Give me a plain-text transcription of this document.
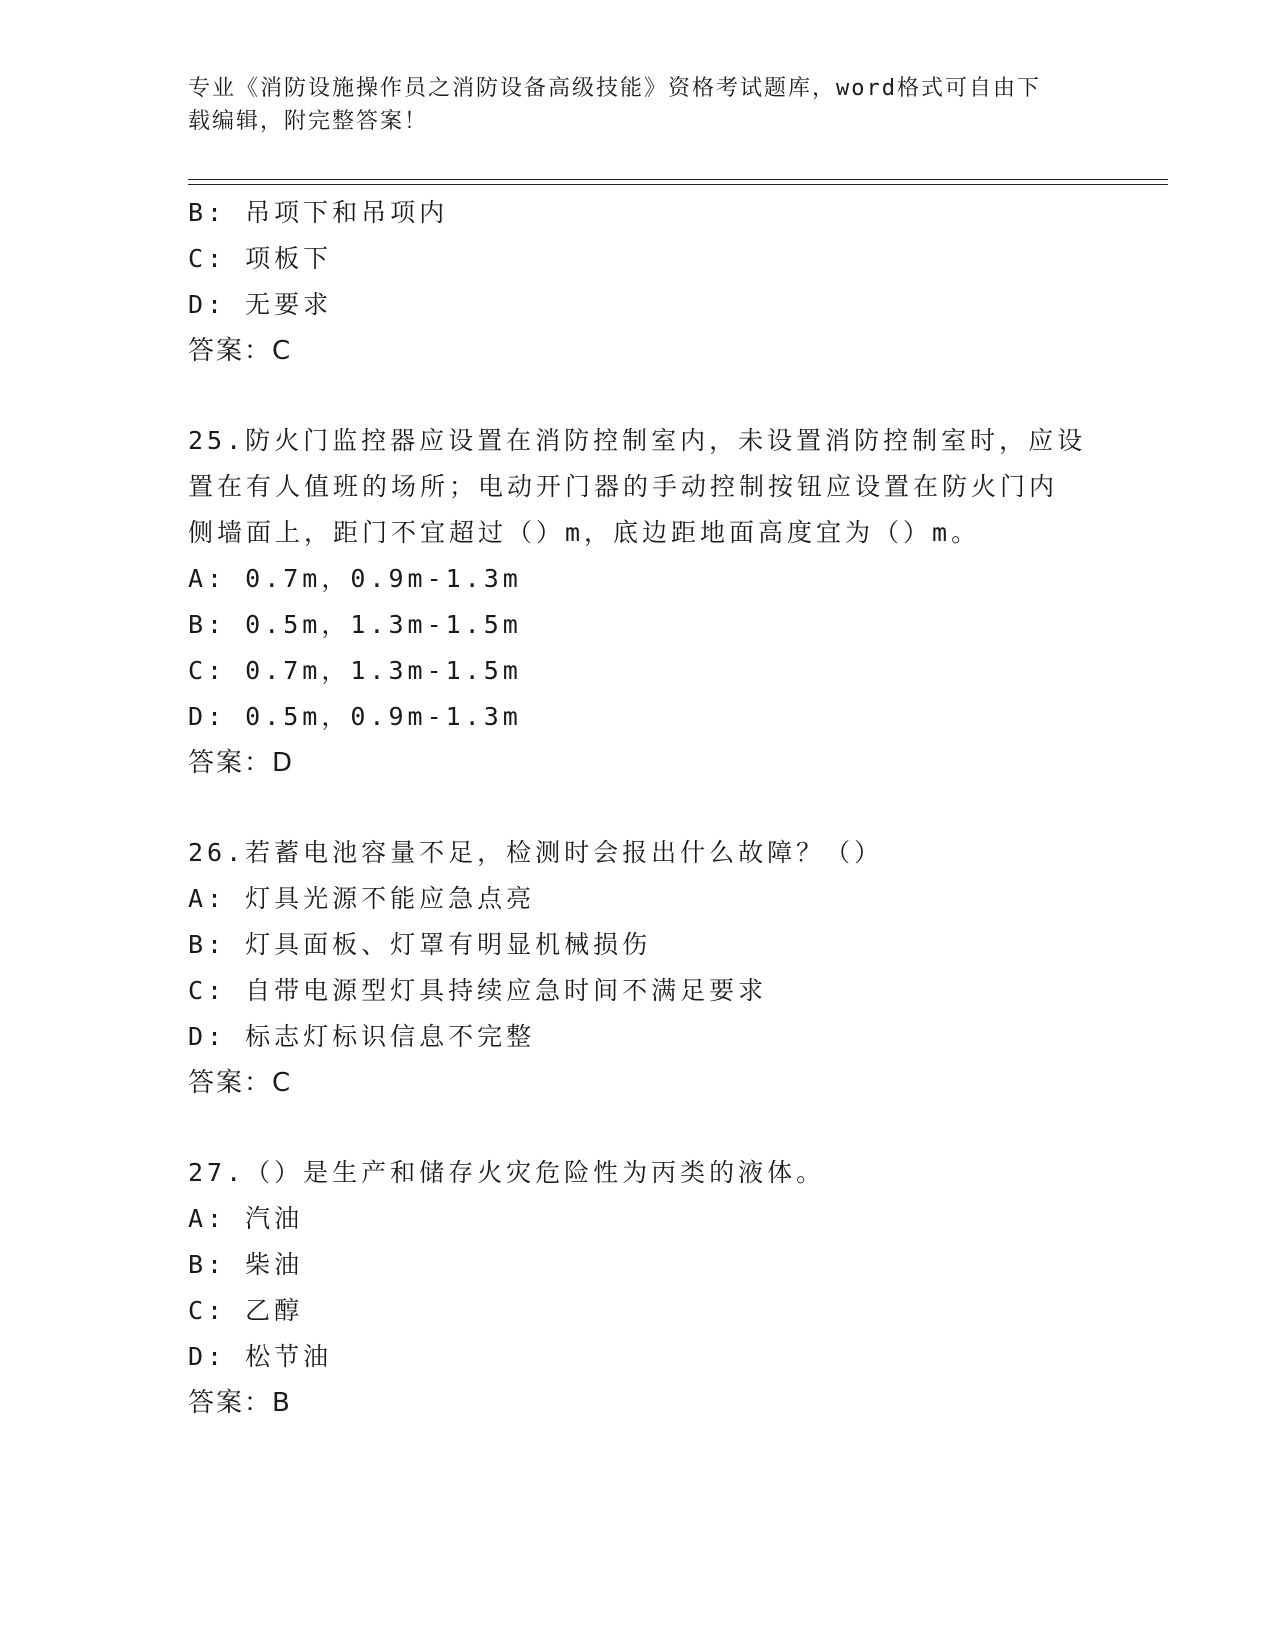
专业《消防设施操作员之消防设备高级技能》资格考试题库，word格式可自由下
载编辑，附完整答案！
B: 吊项下和吊项内
C: 项板下
D: 无要求
答案：C
25.防火门监控器应设置在消防控制室内，未设置消防控制室时，应设
置在有人值班的场所；电动开门器的手动控制按钮应设置在防火门内
侧墙面上，距门不宜超过（）m，底边距地面高度宜为（）m。
A: 0.7m，0.9m-1.3m
B: 0.5m，1.3m-1.5m
C: 0.7m，1.3m-1.5m
D: 0.5m，0.9m-1.3m
答案：D
26.若蓄电池容量不足，检测时会报出什么故障？（）
A: 灯具光源不能应急点亮
B: 灯具面板、灯罩有明显机械损伤
C: 自带电源型灯具持续应急时间不满足要求
D: 标志灯标识信息不完整
答案：C
27.（）是生产和储存火灾危险性为丙类的液体。
A: 汽油
B: 柴油
C: 乙醇
D: 松节油
答案：B
